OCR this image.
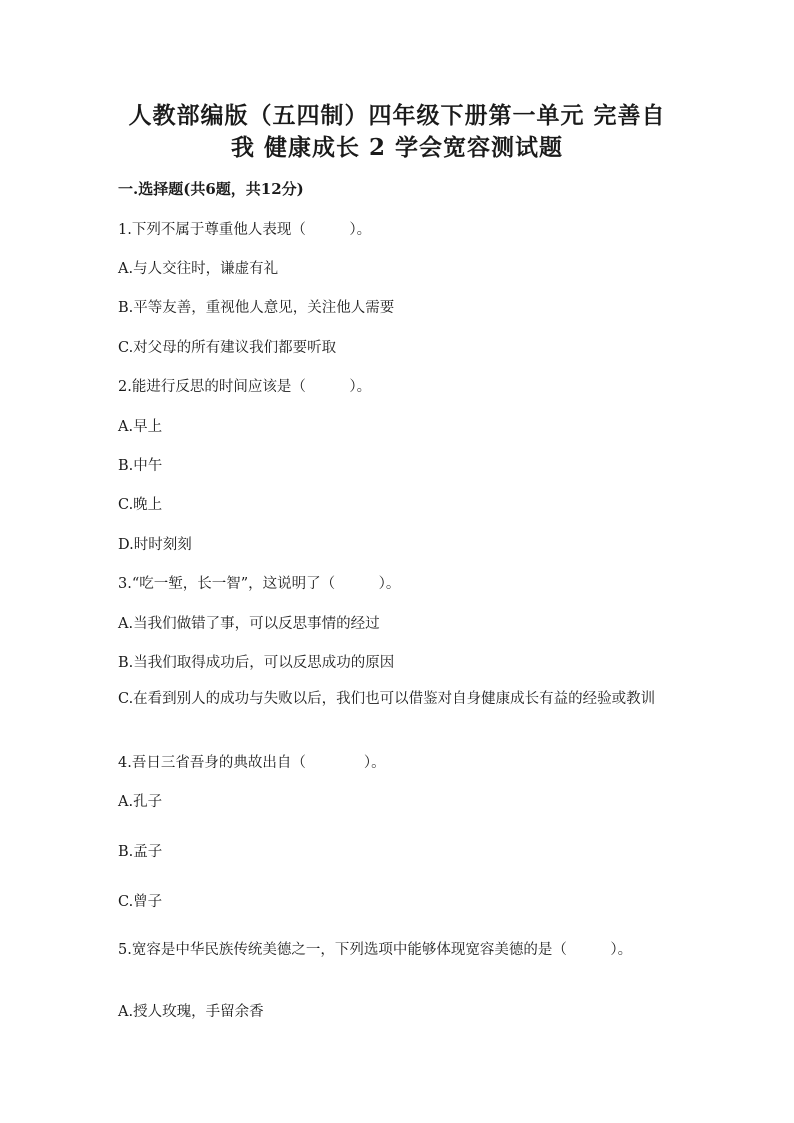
人教部编版（五四制）四年级下册第一单元 完善自
我 健康成长 2 学会宽容测试题

一.选择题(共6题，共12分)

1.下列不属于尊重他人表现（　　　）。

A.与人交往时，谦虚有礼

B.平等友善，重视他人意见，关注他人需要

C.对父母的所有建议我们都要听取

2.能进行反思的时间应该是（　　　）。

A.早上

B.中午

C.晚上

D.时时刻刻

3.“吃一堑，长一智”，这说明了（　　　）。

A.当我们做错了事，可以反思事情的经过

B.当我们取得成功后，可以反思成功的原因

C.在看到别人的成功与失败以后，我们也可以借鉴对自身健康成长有益的经验或教训

4.吾日三省吾身的典故出自（　　　　）。

A.孔子

B.孟子

C.曾子

5.宽容是中华民族传统美德之一，下列选项中能够体现宽容美德的是（　　　）。

A.授人玫瑰，手留余香
